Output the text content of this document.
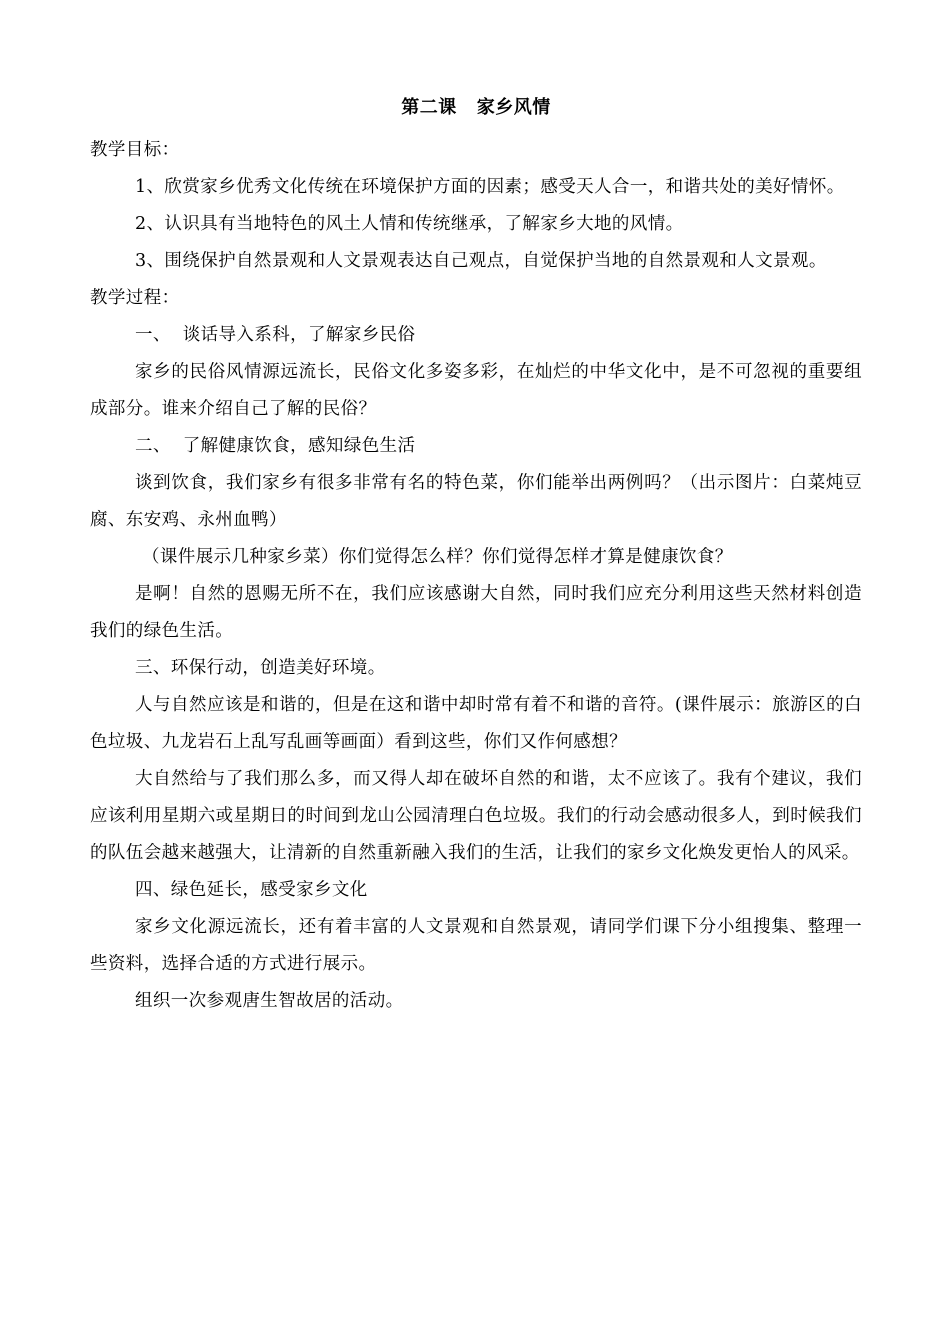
第二课 家乡风情

教学目标：

1、欣赏家乡优秀文化传统在环境保护方面的因素；感受天人合一，和谐共处的美好情怀。

2、认识具有当地特色的风土人情和传统继承，了解家乡大地的风情。

3、围绕保护自然景观和人文景观表达自己观点，自觉保护当地的自然景观和人文景观。

教学过程：

一、  谈话导入系科，了解家乡民俗

家乡的民俗风情源远流长，民俗文化多姿多彩，在灿烂的中华文化中，是不可忽视的重要组成部分。谁来介绍自己了解的民俗？

二、  了解健康饮食，感知绿色生活

谈到饮食，我们家乡有很多非常有名的特色菜，你们能举出两例吗？（出示图片：白菜炖豆腐、东安鸡、永州血鸭）

（课件展示几种家乡菜）你们觉得怎么样？你们觉得怎样才算是健康饮食？

是啊！自然的恩赐无所不在，我们应该感谢大自然，同时我们应充分利用这些天然材料创造我们的绿色生活。

三、环保行动，创造美好环境。

人与自然应该是和谐的，但是在这和谐中却时常有着不和谐的音符。(课件展示：旅游区的白色垃圾、九龙岩石上乱写乱画等画面）看到这些，你们又作何感想？

大自然给与了我们那么多，而又得人却在破坏自然的和谐，太不应该了。我有个建议，我们应该利用星期六或星期日的时间到龙山公园清理白色垃圾。我们的行动会感动很多人，到时候我们的队伍会越来越强大，让清新的自然重新融入我们的生活，让我们的家乡文化焕发更怡人的风采。

四、绿色延长，感受家乡文化

家乡文化源远流长，还有着丰富的人文景观和自然景观，请同学们课下分小组搜集、整理一些资料，选择合适的方式进行展示。

组织一次参观唐生智故居的活动。
